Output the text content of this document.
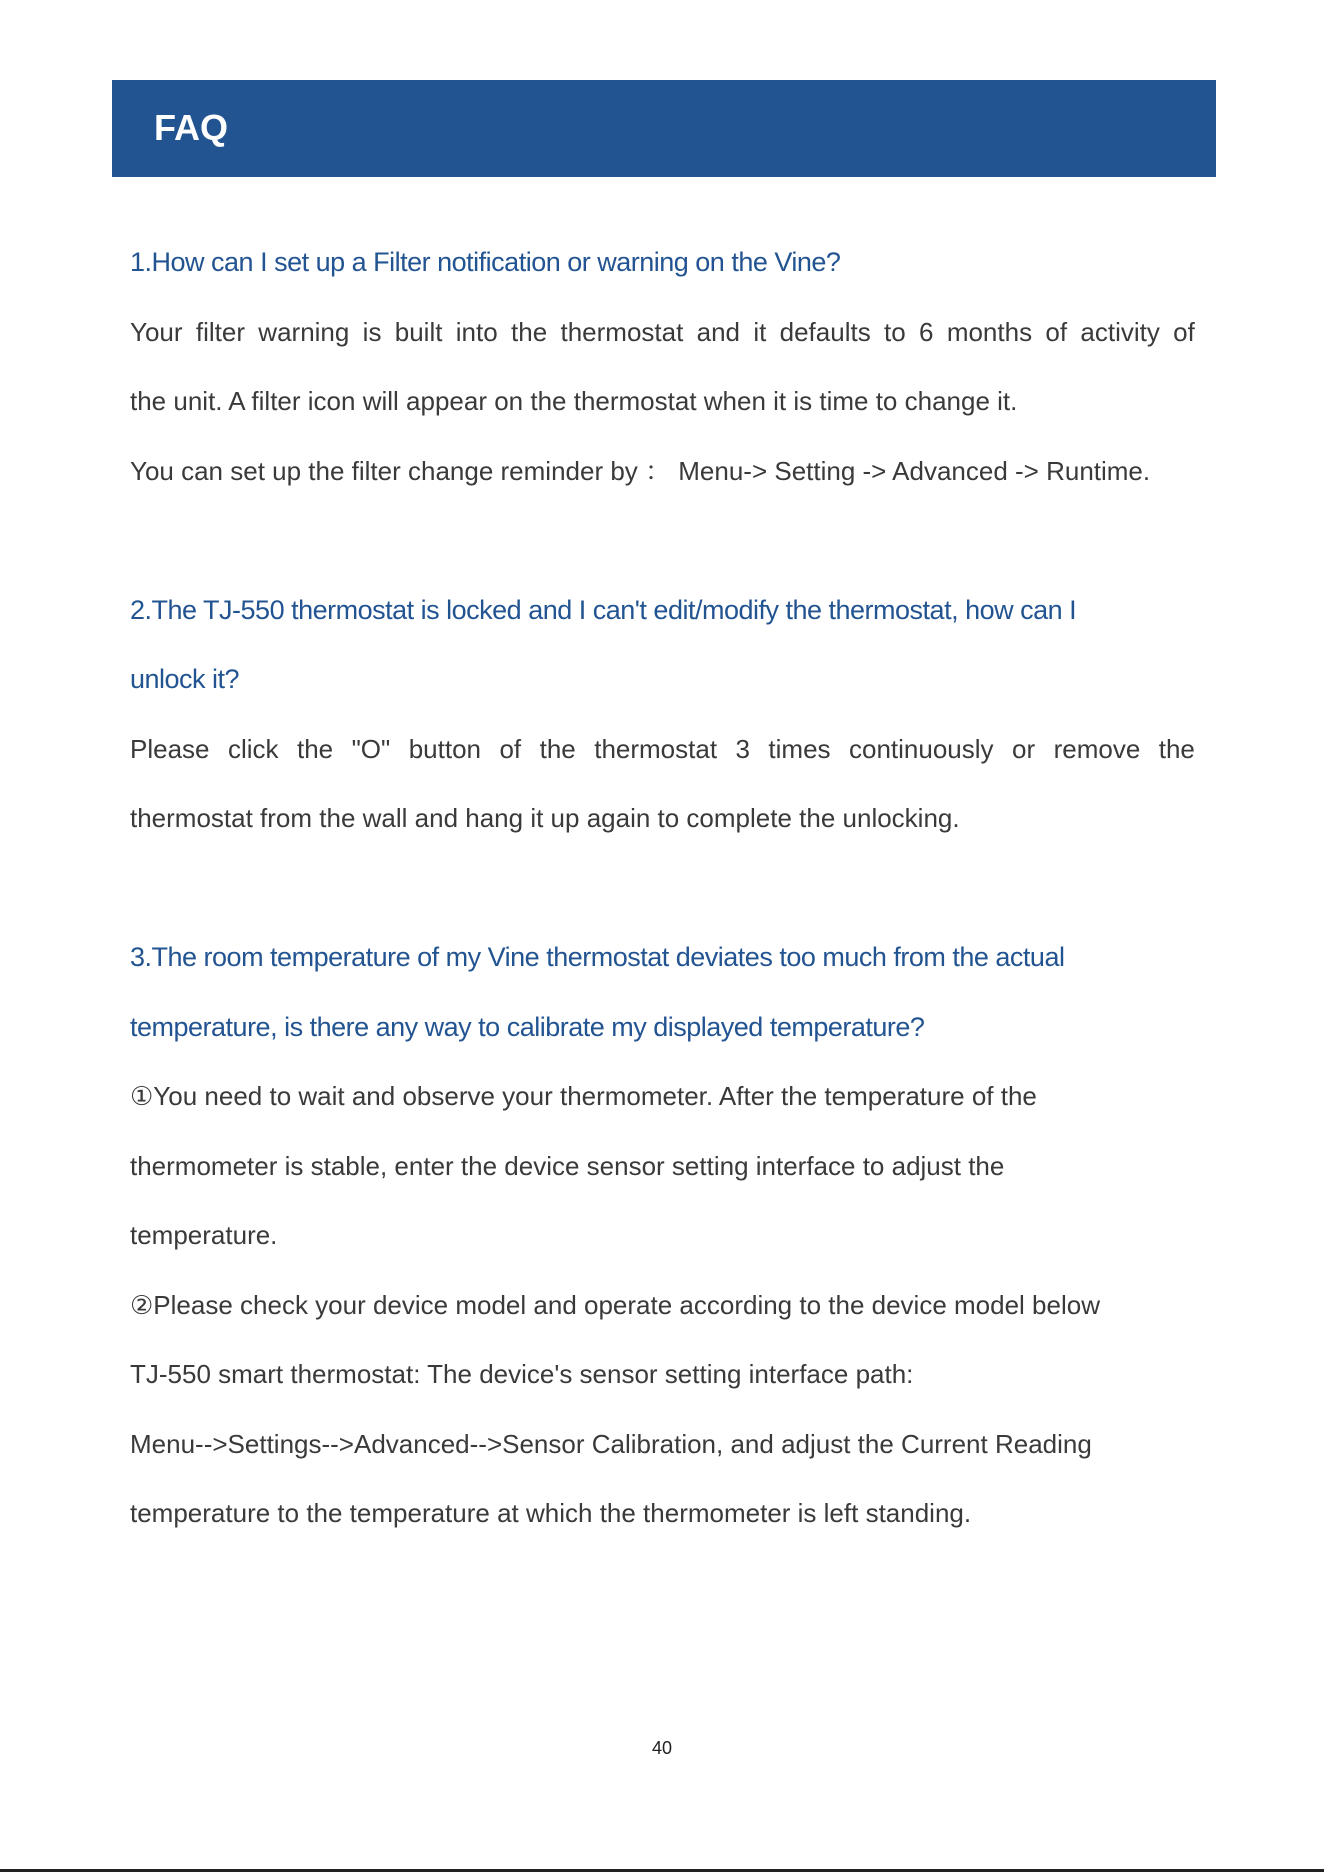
FAQ
1.How can I set up a Filter notification or warning on the Vine?
Your filter warning is built into the thermostat and it defaults to 6 months of activity of
the unit. A filter icon will appear on the thermostat when it is time to change it.
You can set up the filter change reminder by ： Menu-> Setting -> Advanced -> Runtime.
2.The TJ-550 thermostat is locked and I can't edit/modify the thermostat, how can I
unlock it?
Please click the "O" button of the thermostat 3 times continuously or remove the
thermostat from the wall and hang it up again to complete the unlocking.
3.The room temperature of my Vine thermostat deviates too much from the actual
temperature, is there any way to calibrate my displayed temperature?
①You need to wait and observe your thermometer. After the temperature of the
thermometer is stable, enter the device sensor setting interface to adjust the
temperature.
②Please check your device model and operate according to the device model below
TJ-550 smart thermostat: The device's sensor setting interface path:
Menu-->Settings-->Advanced-->Sensor Calibration, and adjust the Current Reading
temperature to the temperature at which the thermometer is left standing.
40
